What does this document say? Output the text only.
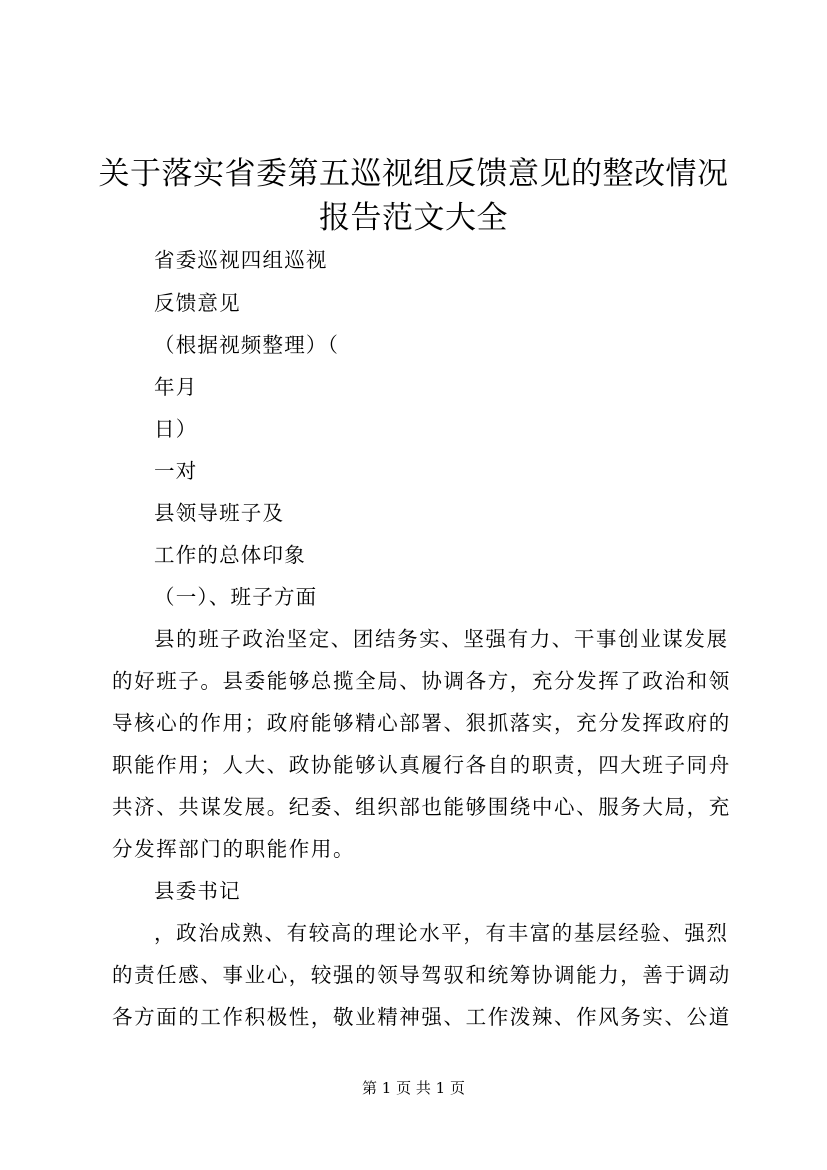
关于落实省委第五巡视组反馈意见的整改情况
报告范文大全
省委巡视四组巡视
反馈意见
（根据视频整理）（
年月
日）
一对
县领导班子及
工作的总体印象
（一）、班子方面
县的班子政治坚定、团结务实、坚强有力、干事创业谋发展
的好班子。县委能够总揽全局、协调各方，充分发挥了政治和领
导核心的作用；政府能够精心部署、狠抓落实，充分发挥政府的
职能作用；人大、政协能够认真履行各自的职责，四大班子同舟
共济、共谋发展。纪委、组织部也能够围绕中心、服务大局，充
分发挥部门的职能作用。
县委书记
，政治成熟、有较高的理论水平，有丰富的基层经验、强烈
的责任感、事业心，较强的领导驾驭和统筹协调能力，善于调动
各方面的工作积极性，敬业精神强、工作泼辣、作风务实、公道
第 1 页 共 1 页
